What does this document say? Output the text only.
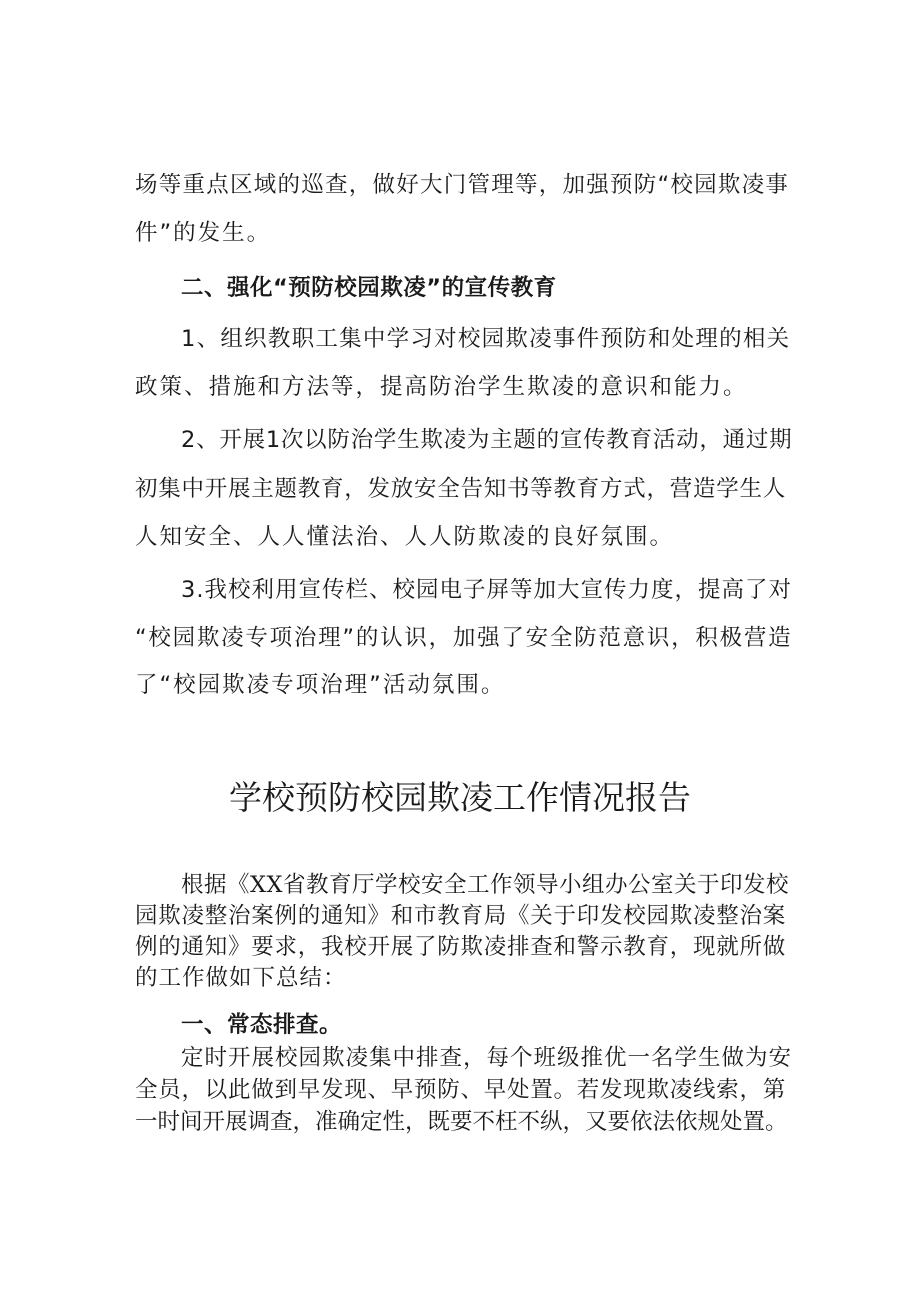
场等重点区域的巡查，做好大门管理等，加强预防“校园欺凌事
件”的发生。
二、强化“预防校园欺凌”的宣传教育
1、组织教职工集中学习对校园欺凌事件预防和处理的相关
政策、措施和方法等，提高防治学生欺凌的意识和能力。
2、开展1次以防治学生欺凌为主题的宣传教育活动，通过期
初集中开展主题教育，发放安全告知书等教育方式，营造学生人
人知安全、人人懂法治、人人防欺凌的良好氛围。
3.我校利用宣传栏、校园电子屏等加大宣传力度，提高了对
“校园欺凌专项治理”的认识，加强了安全防范意识，积极营造
了“校园欺凌专项治理”活动氛围。
学校预防校园欺凌工作情况报告
根据《XX省教育厅学校安全工作领导小组办公室关于印发校
园欺凌整治案例的通知》和市教育局《关于印发校园欺凌整治案
例的通知》要求，我校开展了防欺凌排查和警示教育，现就所做
的工作做如下总结：
一、常态排查。
定时开展校园欺凌集中排查，每个班级推优一名学生做为安
全员，以此做到早发现、早预防、早处置。若发现欺凌线索，第
一时间开展调查，准确定性，既要不枉不纵，又要依法依规处置。
